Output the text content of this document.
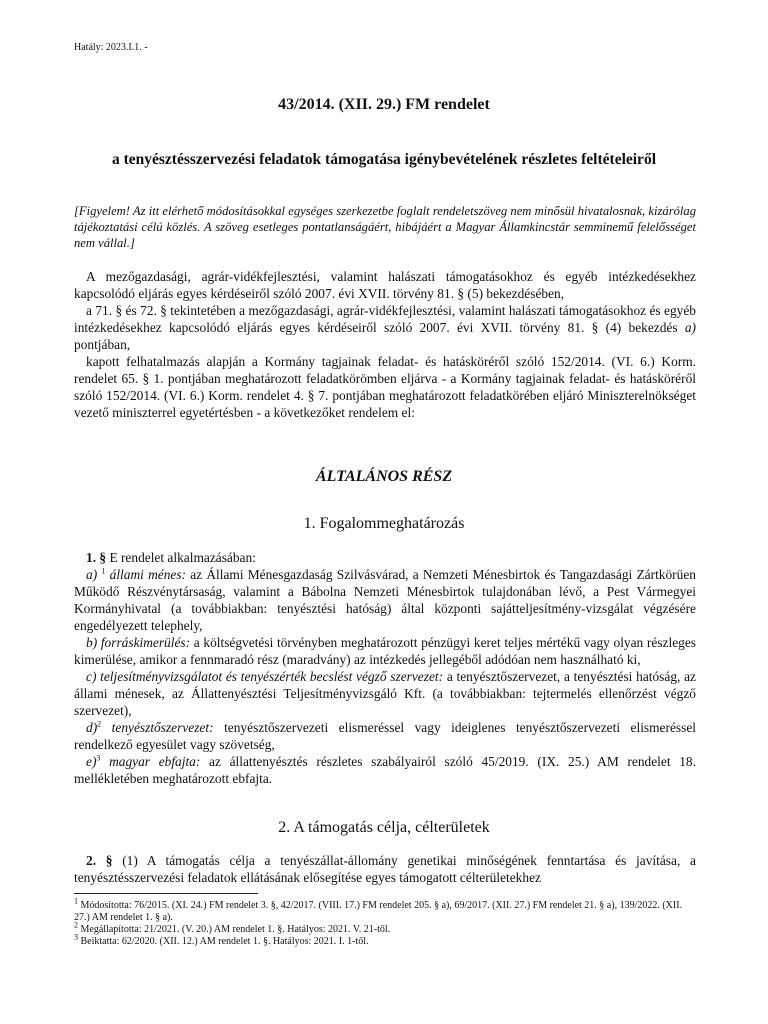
Hatály: 2023.I.1. -
43/2014. (XII. 29.) FM rendelet
a tenyésztésszervezési feladatok támogatása igénybevételének részletes feltételeiről
[Figyelem! Az itt elérhető módosításokkal egységes szerkezetbe foglalt rendeletszöveg nem minősül hivatalosnak, kizárólag tájékoztatási célú közlés. A szöveg esetleges pontatlanságáért, hibájáért a Magyar Államkincstár semminemű felelősséget nem vállal.]

A mezőgazdasági, agrár-vidékfejlesztési, valamint halászati támogatásokhoz és egyéb intézkedésekhez kapcsolódó eljárás egyes kérdéseiről szóló 2007. évi XVII. törvény 81. § (5) bekezdésében,

a 71. § és 72. § tekintetében a mezőgazdasági, agrár-vidékfejlesztési, valamint halászati támogatásokhoz és egyéb intézkedésekhez kapcsolódó eljárás egyes kérdéseiről szóló 2007. évi XVII. törvény 81. § (4) bekezdés a) pontjában,

kapott felhatalmazás alapján a Kormány tagjainak feladat- és hatásköréről szóló 152/2014. (VI. 6.) Korm. rendelet 65. § 1. pontjában meghatározott feladatkörömben eljárva - a Kormány tagjainak feladat- és hatásköréről szóló 152/2014. (VI. 6.) Korm. rendelet 4. § 7. pontjában meghatározott feladatkörében eljáró Miniszterelnökséget vezető miniszterrel egyetértésben - a következőket rendelem el:

ÁLTALÁNOS RÉSZ
1. Fogalommeghatározás

1. § E rendelet alkalmazásában:

a) $^1$ állami ménes: az Állami Ménesgazdaság Szilvásvárad, a Nemzeti Ménesbirtok és Tangazdasági Zártkörüen Működő Részvénytársaság, valamint a Bábolna Nemzeti Ménesbirtok tulajdonában lévő, a Pest Vármegyei Kormányhivatal (a továbbiakban: tenyésztési hatóság) által központi sajátteljesítmény-vizsgálat végzésére engedélyezett telephely,

b) forráskimerülés: a költségvetési törvényben meghatározott pénzügyi keret teljes mértékű vagy olyan részleges kimerülése, amikor a fennmaradó rész (maradvány) az intézkedés jellegéből adódóan nem használható ki,

c) teljesítményvizsgálatot és tenyészérték becslést végző szervezet: a tenyésztőszervezet, a tenyésztési hatóság, az állami ménesek, az Állattenyésztési Teljesítményvizsgáló Kft. (a továbbiakban: tejtermelés ellenőrzést végző szervezet),

d)$^2$ tenyésztőszervezet: tenyésztőszervezeti elismeréssel vagy ideiglenes tenyésztőszervezeti elismeréssel rendelkező egyesület vagy szövetség,

e)$^3$ magyar ebfajta: az állattenyésztés részletes szabályairól szóló 45/2019. (IX. 25.) AM rendelet 18. mellékletében meghatározott ebfajta.

2. A támogatás célja, célterületek

2. § (1) A támogatás célja a tenyészállat-állomány genetikai minőségének fenntartása és javítása, a tenyésztésszervezési feladatok ellátásának elősegítése egyes támogatott célterületekhez

$^1$ Módosította: 76/2015. (XI. 24.) FM rendelet 3. §, 42/2017. (VIII. 17.) FM rendelet 205. § a), 69/2017. (XII. 27.) FM rendelet 21. § a), 139/2022. (XII. 27.) AM rendelet 1. § a).

$^2$ Megállapította: 21/2021. (V. 20.) AM rendelet 1. §. Hatályos: 2021. V. 21-től.

$^3$ Beiktatta: 62/2020. (XII. 12.) AM rendelet 1. §. Hatályos: 2021. I. 1-től.
